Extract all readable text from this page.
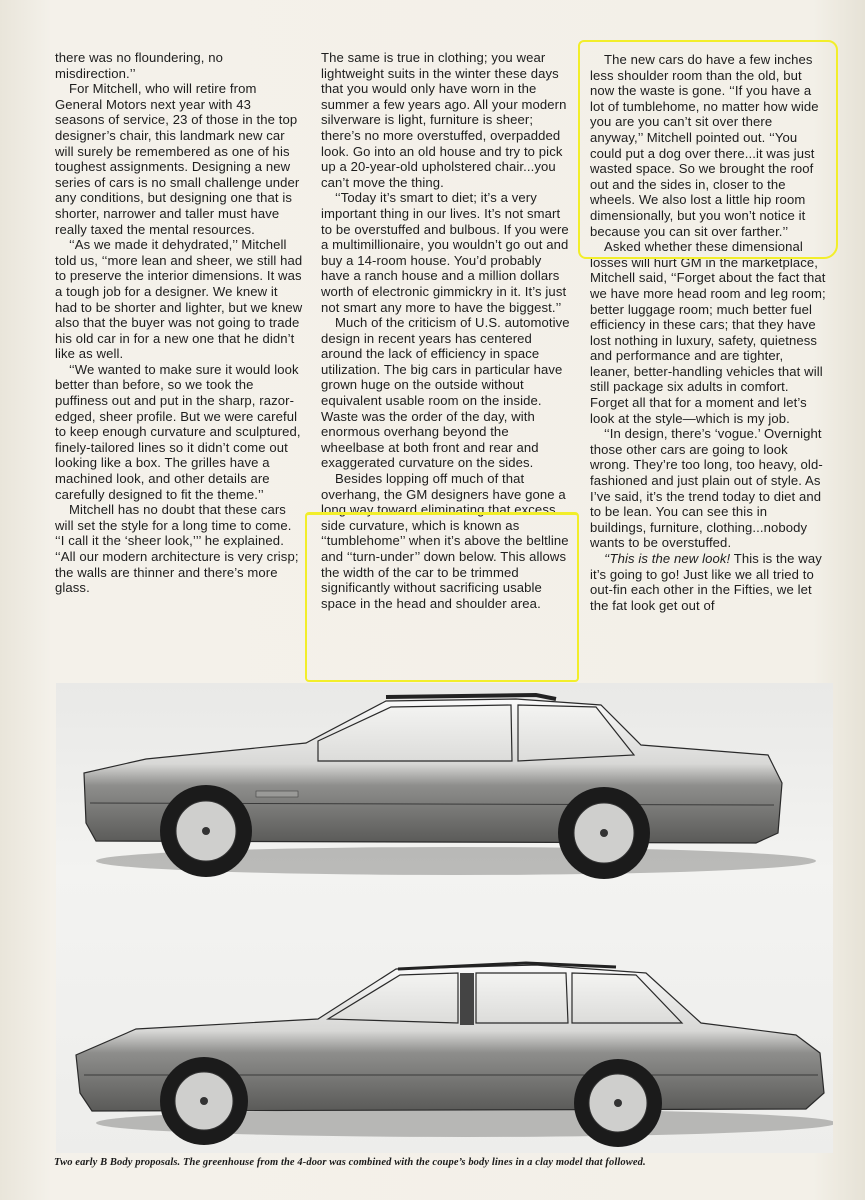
there was no floundering, no misdirection.’’

For Mitchell, who will retire from General Motors next year with 43 seasons of service, 23 of those in the top designer’s chair, this landmark new car will surely be remembered as one of his toughest assignments. Designing a new series of cars is no small challenge under any conditions, but designing one that is shorter, narrower and taller must have really taxed the mental resources.

‘‘As we made it dehydrated,’’ Mitchell told us, ‘‘more lean and sheer, we still had to preserve the interior dimensions. It was a tough job for a designer. We knew it had to be shorter and lighter, but we knew also that the buyer was not going to trade his old car in for a new one that he didn’t like as well.

‘‘We wanted to make sure it would look better than before, so we took the puffiness out and put in the sharp, razor-edged, sheer profile. But we were careful to keep enough curvature and sculptured, finely-tailored lines so it didn’t come out looking like a box. The grilles have a machined look, and other details are carefully designed to fit the theme.’’

Mitchell has no doubt that these cars will set the style for a long time to come. ‘‘I call it the ‘sheer look,’’’ he explained. ‘‘All our modern architecture is very crisp; the walls are thinner and there’s more glass.

The same is true in clothing; you wear lightweight suits in the winter these days that you would only have worn in the summer a few years ago. All your modern silverware is light, furniture is sheer; there’s no more overstuffed, overpadded look. Go into an old house and try to pick up a 20-year-old upholstered chair...you can’t move the thing.

‘‘Today it’s smart to diet; it’s a very important thing in our lives. It’s not smart to be overstuffed and bulbous. If you were a multimillionaire, you wouldn’t go out and buy a 14-room house. You’d probably have a ranch house and a million dollars worth of electronic gimmickry in it. It’s just not smart any more to have the biggest.’’

Much of the criticism of U.S. automotive design in recent years has centered around the lack of efficiency in space utilization. The big cars in particular have grown huge on the outside without equivalent usable room on the inside. Waste was the order of the day, with enormous overhang beyond the wheelbase at both front and rear and exaggerated curvature on the sides.

Besides lopping off much of that overhang, the GM designers have gone a long way toward eliminating that excess side curvature, which is known as ‘‘tumblehome’’ when it’s above the beltline and ‘‘turn-under’’ down below. This allows the width of the car to be trimmed significantly without sacrificing usable space in the head and shoulder area.

The new cars do have a few inches less shoulder room than the old, but now the waste is gone. ‘‘If you have a lot of tumblehome, no matter how wide you are you can’t sit over there anyway,’’ Mitchell pointed out. ‘‘You could put a dog over there...it was just wasted space. So we brought the roof out and the sides in, closer to the wheels. We also lost a little hip room dimensionally, but you won’t notice it because you can sit over farther.’’

Asked whether these dimensional losses will hurt GM in the marketplace, Mitchell said, ‘‘Forget about the fact that we have more head room and leg room; better luggage room; much better fuel efficiency in these cars; that they have lost nothing in luxury, safety, quietness and performance and are tighter, leaner, better-handling vehicles that will still package six adults in comfort. Forget all that for a moment and let’s look at the style—which is my job.

‘‘In design, there’s ‘vogue.’ Overnight those other cars are going to look wrong. They’re too long, too heavy, old-fashioned and just plain out of style. As I’ve said, it’s the trend today to diet and to be lean. You can see this in buildings, furniture, clothing...nobody wants to be overstuffed.

‘‘This is the new look! This is the way it’s going to go! Just like we all tried to out-fin each other in the Fifties, we let the fat look get out of

Two early B Body proposals. The greenhouse from the 4-door was combined with the coupe’s body lines in a clay model that followed.
